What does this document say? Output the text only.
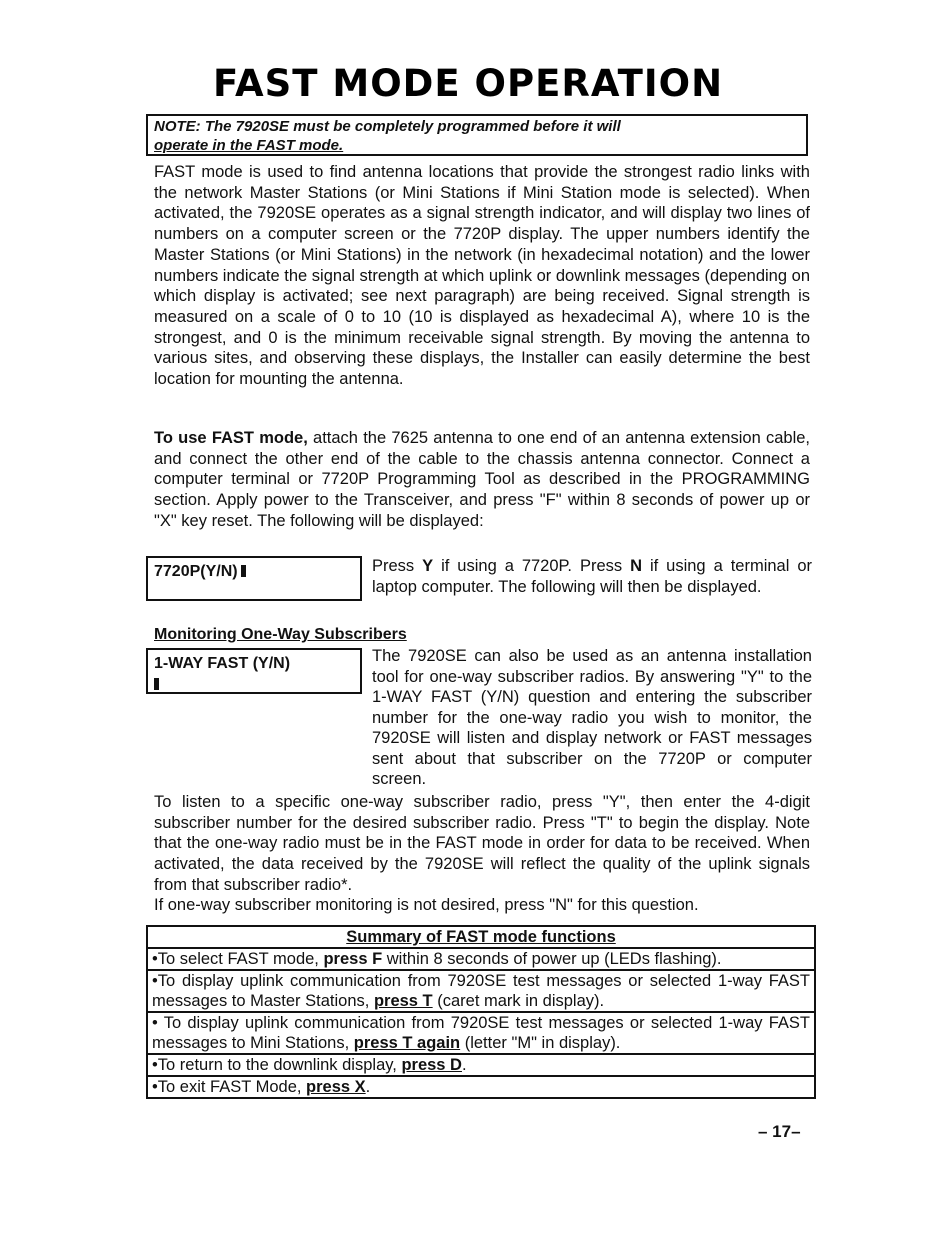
FAST MODE OPERATION
NOTE: The 7920SE must be completely programmed before it will
operate in the FAST mode.
FAST mode is used to find antenna locations that provide the strongest radio links with the network Master Stations (or Mini Stations if Mini Station mode is selected). When activated, the 7920SE operates as a signal strength indicator, and will display two lines of numbers on a computer screen or the 7720P display. The upper numbers identify the Master Stations (or Mini Stations) in the network (in hexadecimal notation) and the lower numbers indicate the signal strength at which uplink or downlink messages (depending on which display is activated; see next paragraph) are being received. Signal strength is measured on a scale of 0 to 10 (10 is displayed as hexadecimal A), where 10 is the strongest, and 0 is the minimum receivable signal strength. By moving the antenna to various sites, and observing these displays, the Installer can easily determine the best location for mounting the antenna.
To use FAST mode, attach the 7625 antenna to one end of an antenna extension cable, and connect the other end of the cable to the chassis antenna connector. Connect a computer terminal or 7720P Programming Tool as described in the PROGRAMMING section. Apply power to the Transceiver, and press "F" within 8 seconds of power up or "X" key reset. The following will be displayed:
7720P(Y/N)	Press Y if using a 7720P. Press N if using a terminal or laptop computer. The following will then be displayed.
Monitoring One-Way Subscribers
1-WAY FAST (Y/N)	The 7920SE can also be used as an antenna installation tool for one-way subscriber radios. By answering "Y" to the 1-WAY FAST (Y/N) question and entering the subscriber number for the one-way radio you wish to monitor, the 7920SE will listen and display network or FAST messages sent about that subscriber on the 7720P or computer screen.
To listen to a specific one-way subscriber radio, press "Y", then enter the 4-digit subscriber number for the desired subscriber radio. Press "T" to begin the display. Note that the one-way radio must be in the FAST mode in order for data to be received. When activated, the data received by the 7920SE will reflect the quality of the uplink signals from that subscriber radio*.
If one-way subscriber monitoring is not desired, press "N" for this question.
Summary of FAST mode functions
•To select FAST mode, press F within 8 seconds of power up (LEDs flashing).
•To display uplink communication from 7920SE test messages or selected 1-way FAST messages to Master Stations, press T (caret mark in display).
• To display uplink communication from 7920SE test messages or selected 1-way FAST messages to Mini Stations, press T again (letter "M" in display).
•To return to the downlink display, press D.
•To exit FAST Mode, press X.
– 17–
